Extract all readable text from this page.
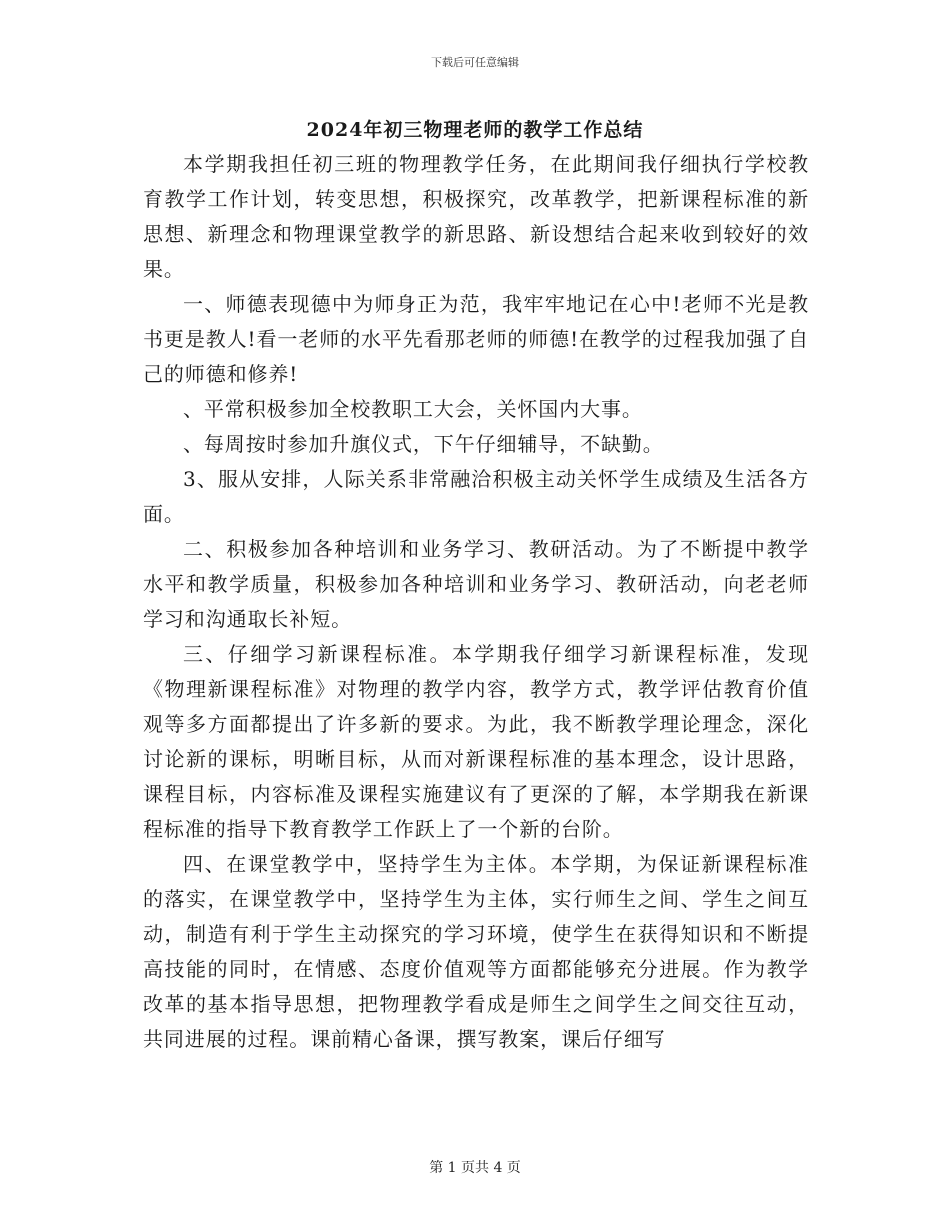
下载后可任意编辑
2024年初三物理老师的教学工作总结

本学期我担任初三班的物理教学任务，在此期间我仔细执行学校教育教学工作计划，转变思想，积极探究，改革教学，把新课程标准的新思想、新理念和物理课堂教学的新思路、新设想结合起来收到较好的效果。

一、师德表现德中为师身正为范，我牢牢地记在心中!老师不光是教书更是教人!看一老师的水平先看那老师的师德!在教学的过程我加强了自己的师德和修养!

、平常积极参加全校教职工大会，关怀国内大事。

、每周按时参加升旗仪式，下午仔细辅导，不缺勤。

3、服从安排，人际关系非常融洽积极主动关怀学生成绩及生活各方面。

二、积极参加各种培训和业务学习、教研活动。为了不断提中教学水平和教学质量，积极参加各种培训和业务学习、教研活动，向老老师学习和沟通取长补短。

三、仔细学习新课程标准。本学期我仔细学习新课程标准，发现《物理新课程标准》对物理的教学内容，教学方式，教学评估教育价值观等多方面都提出了许多新的要求。为此，我不断教学理论理念，深化讨论新的课标，明晰目标，从而对新课程标准的基本理念，设计思路，课程目标，内容标准及课程实施建议有了更深的了解，本学期我在新课程标准的指导下教育教学工作跃上了一个新的台阶。

四、在课堂教学中，坚持学生为主体。本学期，为保证新课程标准的落实，在课堂教学中，坚持学生为主体，实行师生之间、学生之间互动，制造有利于学生主动探究的学习环境，使学生在获得知识和不断提高技能的同时，在情感、态度价值观等方面都能够充分进展。作为教学改革的基本指导思想，把物理教学看成是师生之间学生之间交往互动，共同进展的过程。课前精心备课，撰写教案，课后仔细写

第 1 页共 4 页
